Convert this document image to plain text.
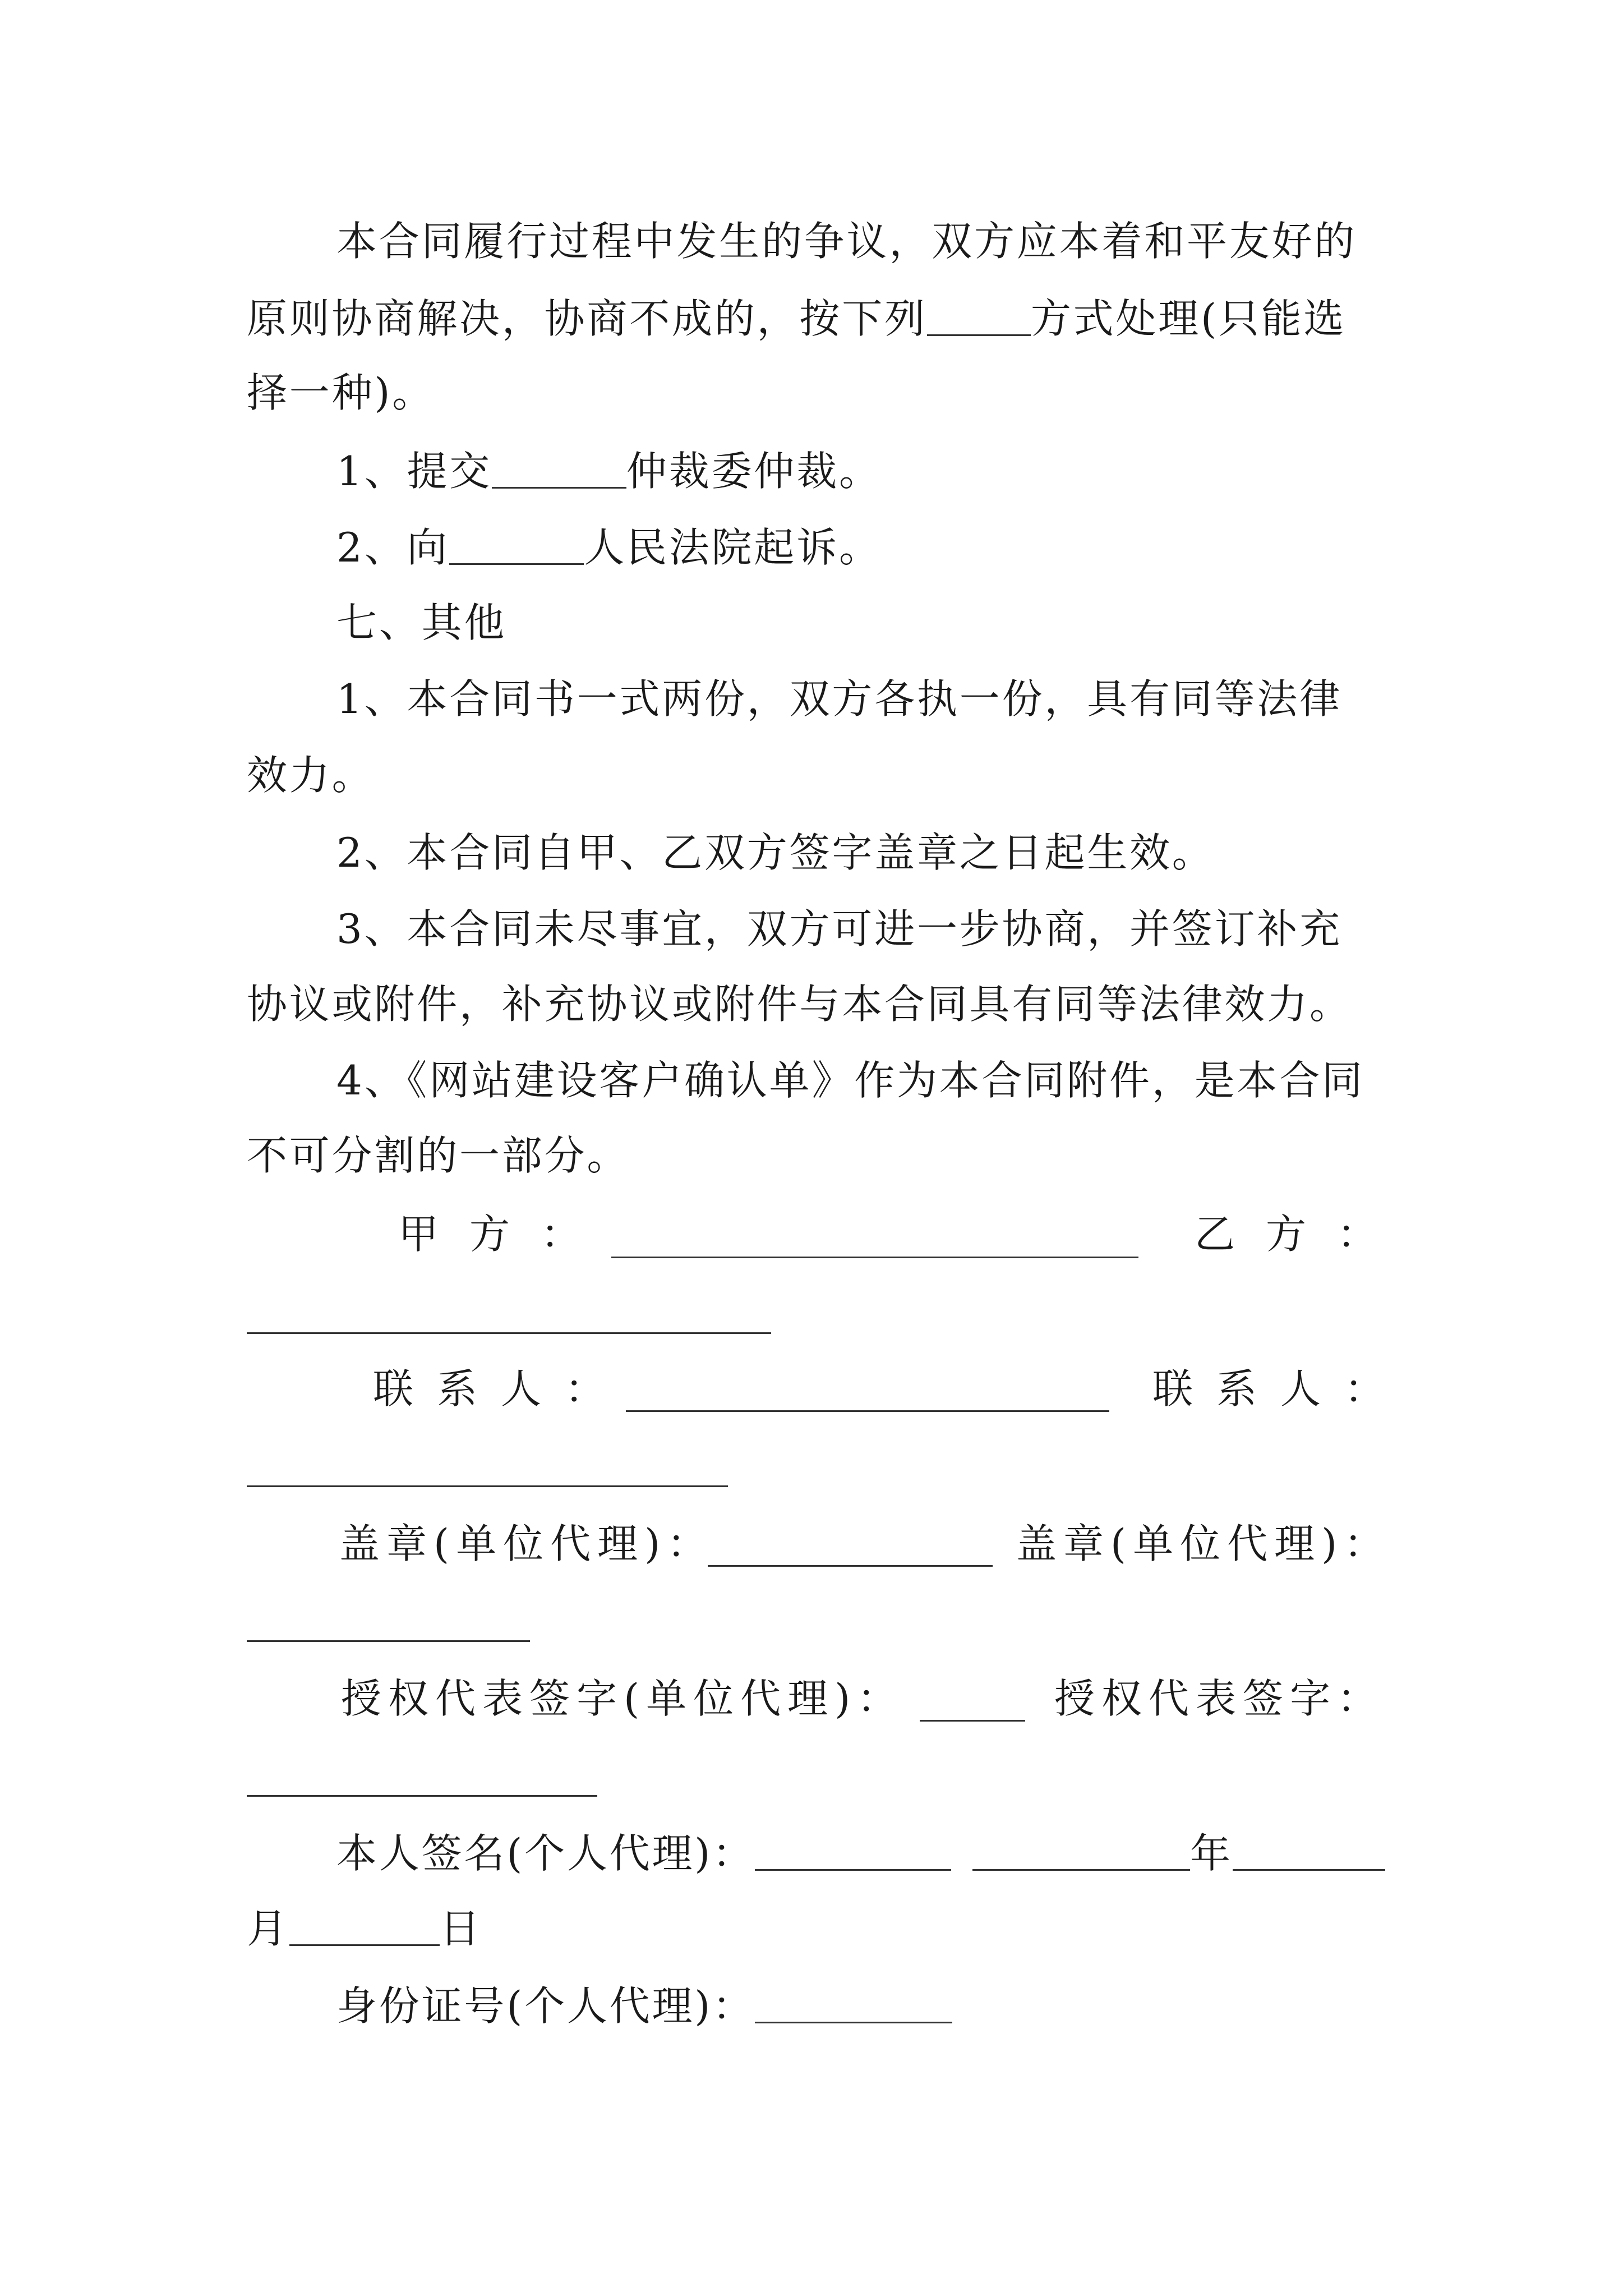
本合同履行过程中发生的争议，双方应本着和平友好的
原则协商解决，协商不成的，按下列	方式处理(只能选
择一种)。
1、提交	仲裁委仲裁。
2、向	人民法院起诉。
七、其他
1、本合同书一式两份，双方各执一份，具有同等法律
效力。
2、本合同自甲、乙双方签字盖章之日起生效。
3、本合同未尽事宜，双方可进一步协商，并签订补充
协议或附件，补充协议或附件与本合同具有同等法律效力。
4、《网站建设客户确认单》作为本合同附件，是本合同
不可分割的一部分。
甲方：	乙方：
联系人：	联系人：
盖章(单位代理)：	盖章(单位代理)：
授权代表签字(单位代理)：	授权代表签字：
本人签名(个人代理)：	年
月	日
身份证号(个人代理)：
